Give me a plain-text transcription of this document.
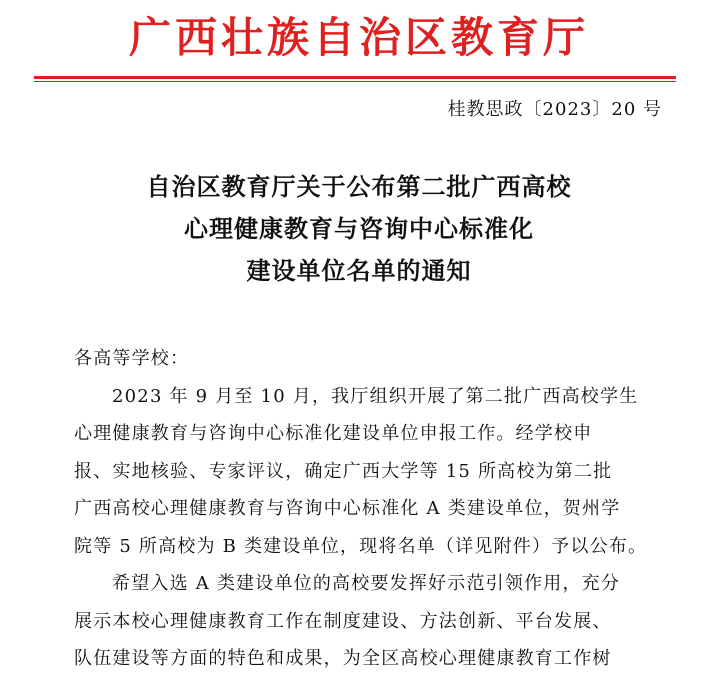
广西壮族自治区教育厅
桂教思政〔2023〕20 号
自治区教育厅关于公布第二批广西高校
心理健康教育与咨询中心标准化
建设单位名单的通知
各高等学校：
2023 年 9 月至 10 月，我厅组织开展了第二批广西高校学生
心理健康教育与咨询中心标准化建设单位申报工作。经学校申
报、实地核验、专家评议，确定广西大学等 15 所高校为第二批
广西高校心理健康教育与咨询中心标准化 A 类建设单位，贺州学
院等 5 所高校为 B 类建设单位，现将名单（详见附件）予以公布。
希望入选 A 类建设单位的高校要发挥好示范引领作用，充分
展示本校心理健康教育工作在制度建设、方法创新、平台发展、
队伍建设等方面的特色和成果，为全区高校心理健康教育工作树
